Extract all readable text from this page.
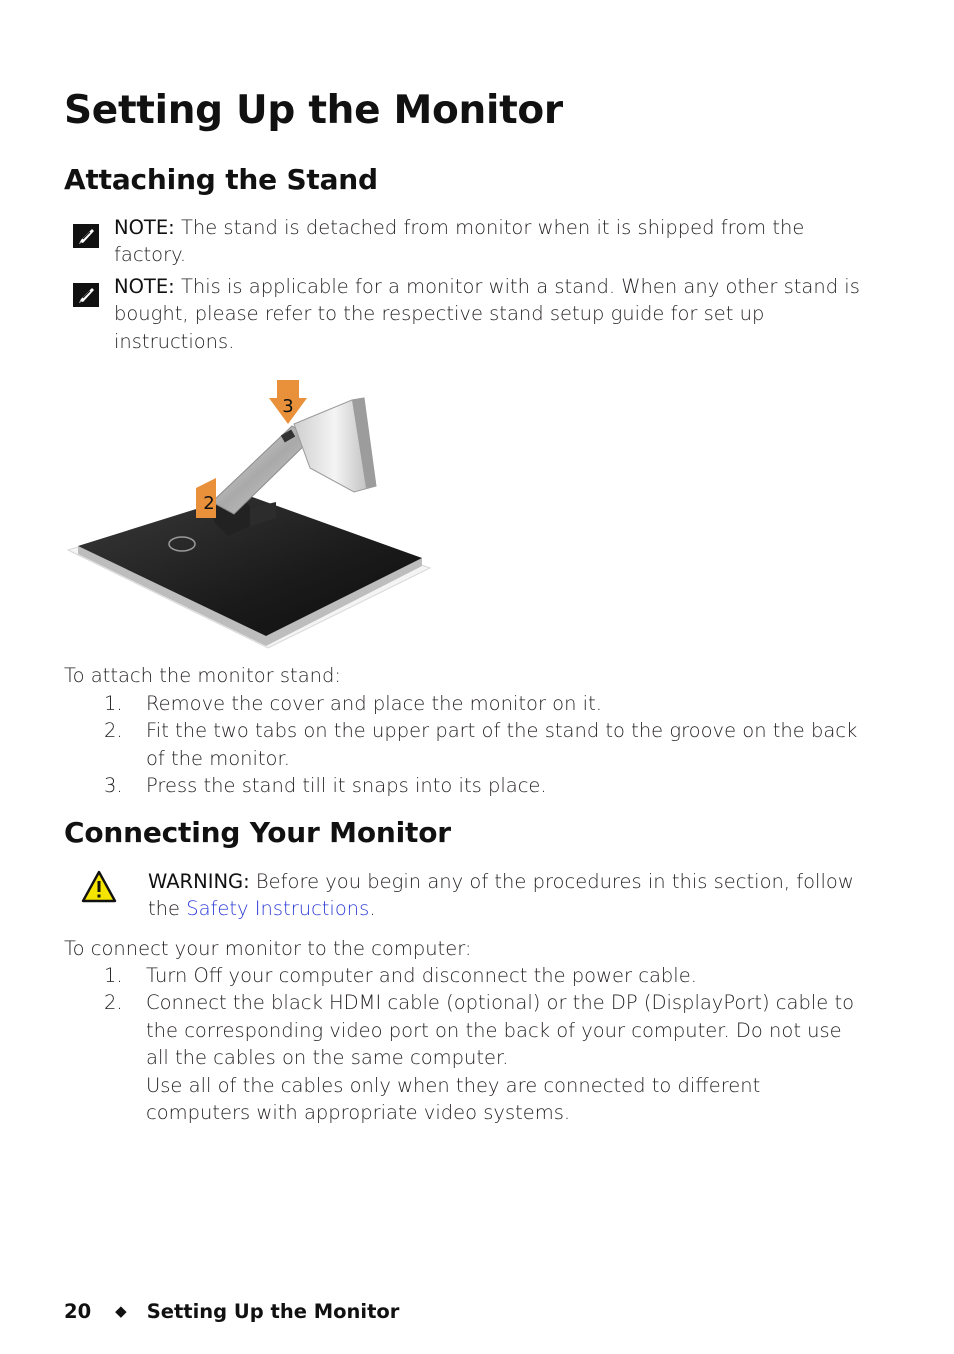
Setting Up the Monitor
Attaching the Stand
NOTE: The stand is detached from monitor when it is shipped from the factory.
NOTE: This is applicable for a monitor with a stand. When any other stand is bought, please refer to the respective stand setup guide for set up instructions.
3
2
To attach the monitor stand:
1.	Remove the cover and place the monitor on it.
2.	Fit the two tabs on the upper part of the stand to the groove on the back of the monitor.
3.	Press the stand till it snaps into its place.
Connecting Your Monitor
WARNING: Before you begin any of the procedures in this section, follow the Safety Instructions.
To connect your monitor to the computer:
1.	Turn Off your computer and disconnect the power cable.
2.	Connect the black HDMI cable (optional) or the DP (DisplayPort) cable to the corresponding video port on the back of your computer. Do not use all the cables on the same computer.
Use all of the cables only when they are connected to different computers with appropriate video systems.
20 ◆ Setting Up the Monitor
